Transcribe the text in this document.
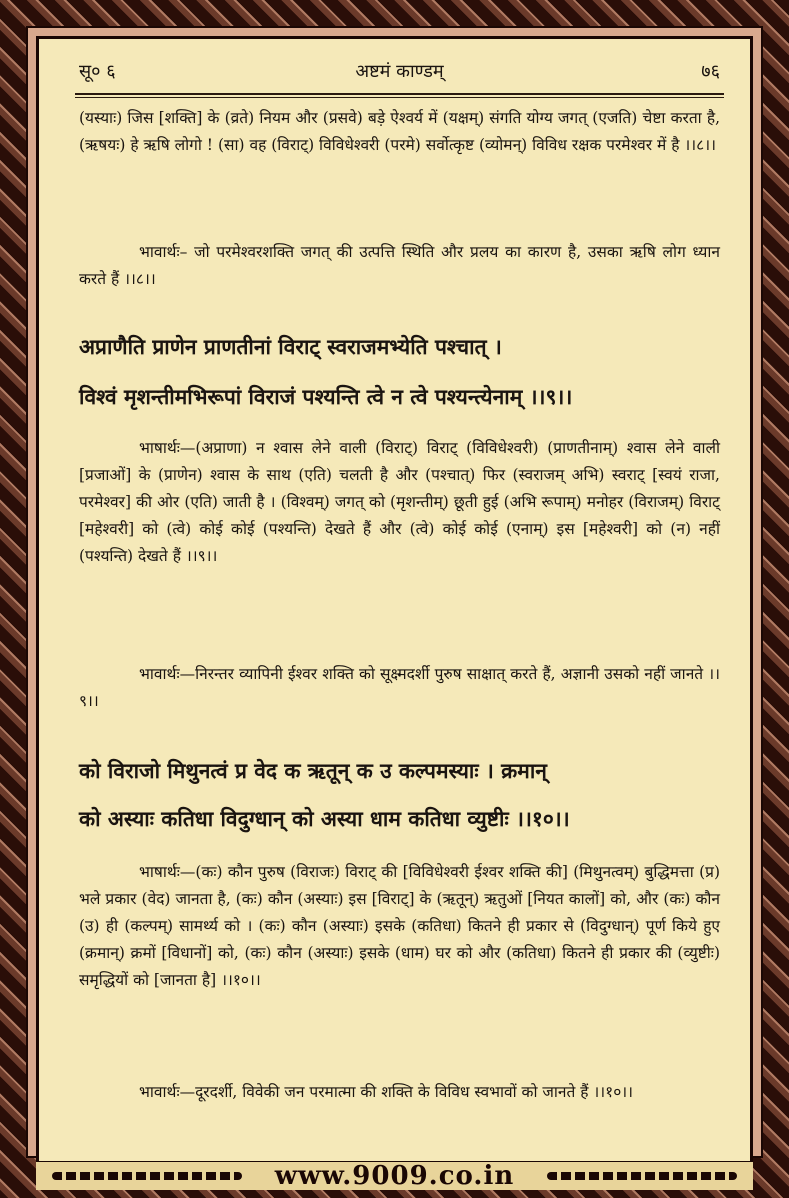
सू० ६	अष्टमं काण्डम्	७६
(यस्याः) जिस [शक्ति] के (व्रते) नियम और (प्रसवे) बड़े ऐश्वर्य में (यक्षम्) संगति योग्य जगत् (एजति) चेष्टा करता है, (ऋषयः) हे ऋषि लोगो ! (सा) वह (विराट्) विविधेश्वरी (परमे) सर्वोत्कृष्ट (व्योमन्) विविध रक्षक परमेश्वर में है ।।८।।
भावार्थः– जो परमेश्वरशक्ति जगत् की उत्पत्ति स्थिति और प्रलय का कारण है, उसका ऋषि लोग ध्यान करते हैं ।।८।।
अप्राणैति प्राणेन प्राणतीनां विराट् स्वराजमभ्येति पश्चात् ।
विश्वं मृशन्तीमभिरूपां विराजं पश्यन्ति त्वे न त्वे पश्यन्त्येनाम् ।।९।।
भाषार्थः—(अप्राणा) न श्वास लेने वाली (विराट्) विराट् (विविधेश्वरी) (प्राणतीनाम्) श्वास लेने वाली [प्रजाओं] के (प्राणेन) श्वास के साथ (एति) चलती है और (पश्चात्) फिर (स्वराजम् अभि) स्वराट् [स्वयं राजा, परमेश्वर] की ओर (एति) जाती है । (विश्वम्) जगत् को (मृशन्तीम्) छूती हुई (अभि रूपाम्) मनोहर (विराजम्) विराट् [महेश्वरी] को (त्वे) कोई कोई (पश्यन्ति) देखते हैं और (त्वे) कोई कोई (एनाम्) इस [महेश्वरी] को (न) नहीं (पश्यन्ति) देखते हैं ।।९।।
भावार्थः—निरन्तर व्यापिनी ईश्वर शक्ति को सूक्ष्मदर्शी पुरुष साक्षात् करते हैं, अज्ञानी उसको नहीं जानते ।।९।।
को विराजो मिथुनत्वं प्र वेद क ऋतून् क उ कल्पमस्याः । क्रमान्
को अस्याः कतिधा विदुग्धान् को अस्या धाम कतिधा व्युष्टीः ।।१०।।
भाषार्थः—(कः) कौन पुरुष (विराजः) विराट् की [विविधेश्वरी ईश्वर शक्ति की] (मिथुनत्वम्) बुद्धिमत्ता (प्र) भले प्रकार (वेद) जानता है, (कः) कौन (अस्याः) इस [विराट्] के (ऋतून्) ऋतुओं [नियत कालों] को, और (कः) कौन (उ) ही (कल्पम्) सामर्थ्य को । (कः) कौन (अस्याः) इसके (कतिधा) कितने ही प्रकार से (विदुग्धान्) पूर्ण किये हुए (क्रमान्) क्रमों [विधानों] को, (कः) कौन (अस्याः) इसके (धाम) घर को और (कतिधा) कितने ही प्रकार की (व्युष्टीः) समृद्धियों को [जानता है] ।।१०।।
भावार्थः—दूरदर्शी, विवेकी जन परमात्मा की शक्ति के विविध स्वभावों को जानते हैं ।।१०।।
www.9009.co.in
